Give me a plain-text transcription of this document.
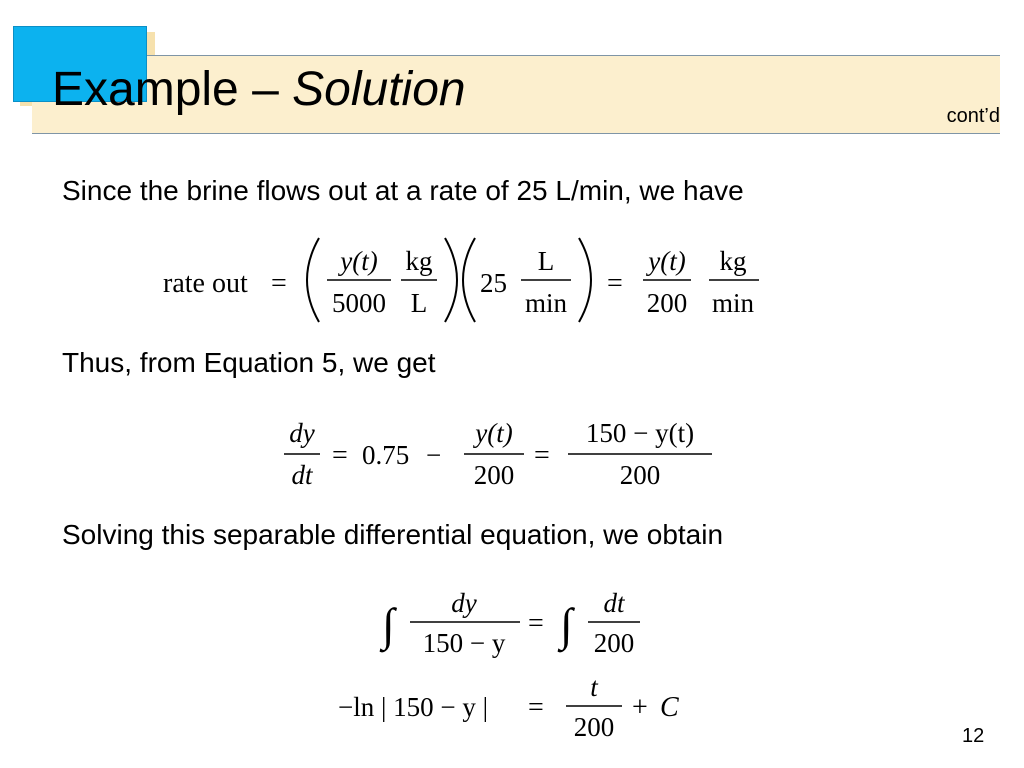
Example – Solution	cont’d
Since the brine flows out at a rate of 25 L/min, we have
rate out =
y(t)
5000
kg
L
25
L
min
=
y(t)
200
kg
min
Thus, from Equation 5, we get
dy
dt
= 0.75 −
y(t)
200
=
150 − y(t)
200
Solving this separable differential equation, we obtain
∫ dy
150 − y
= ∫ dt
200
−ln | 150 − y | =
t
200
+ C
12
